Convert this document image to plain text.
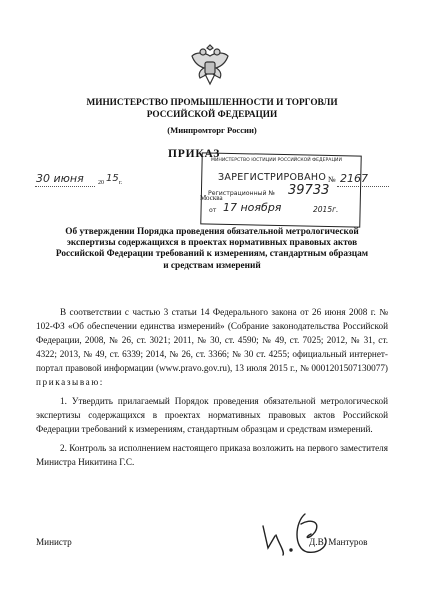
МИНИСТЕРСТВО ПРОМЫШЛЕННОСТИ И ТОРГОВЛИ
РОССИЙСКОЙ ФЕДЕРАЦИИ
(Минпромторг России)
ПРИКАЗ
30 июня 20 15 г.	№ 2167
Москва
МИНИСТЕРСТВО ЮСТИЦИИ РОССИЙСКОЙ ФЕДЕРАЦИИ
ЗАРЕГИСТРИРОВАНО
Регистрационный № 39733
от 17 ноября	2015г.
Об утверждении Порядка проведения обязательной метрологической
экспертизы содержащихся в проектах нормативных правовых актов
Российской Федерации требований к измерениям, стандартным образцам
и средствам измерений

В соответствии с частью 3 статьи 14 Федерального закона от 26 июня 2008 г. № 102-ФЗ «Об обеспечении единства измерений» (Собрание законодательства Российской Федерации, 2008, № 26, ст. 3021; 2011, № 30, ст. 4590; № 49, ст. 7025; 2012, № 31, ст. 4322; 2013, № 49, ст. 6339; 2014, № 26, ст. 3366; № 30 ст. 4255; официальный интернет-портал правовой информации (www.pravo.gov.ru), 13 июля 2015 г., № 0001201507130077) приказываю:

1. Утвердить прилагаемый Порядок проведения обязательной метрологической экспертизы содержащихся в проектах нормативных правовых актов Российской Федерации требований к измерениям, стандартным образцам и средствам измерений.

2. Контроль за исполнением настоящего приказа возложить на первого заместителя Министра Никитина Г.С.

Министр	Д.В. Мантуров
